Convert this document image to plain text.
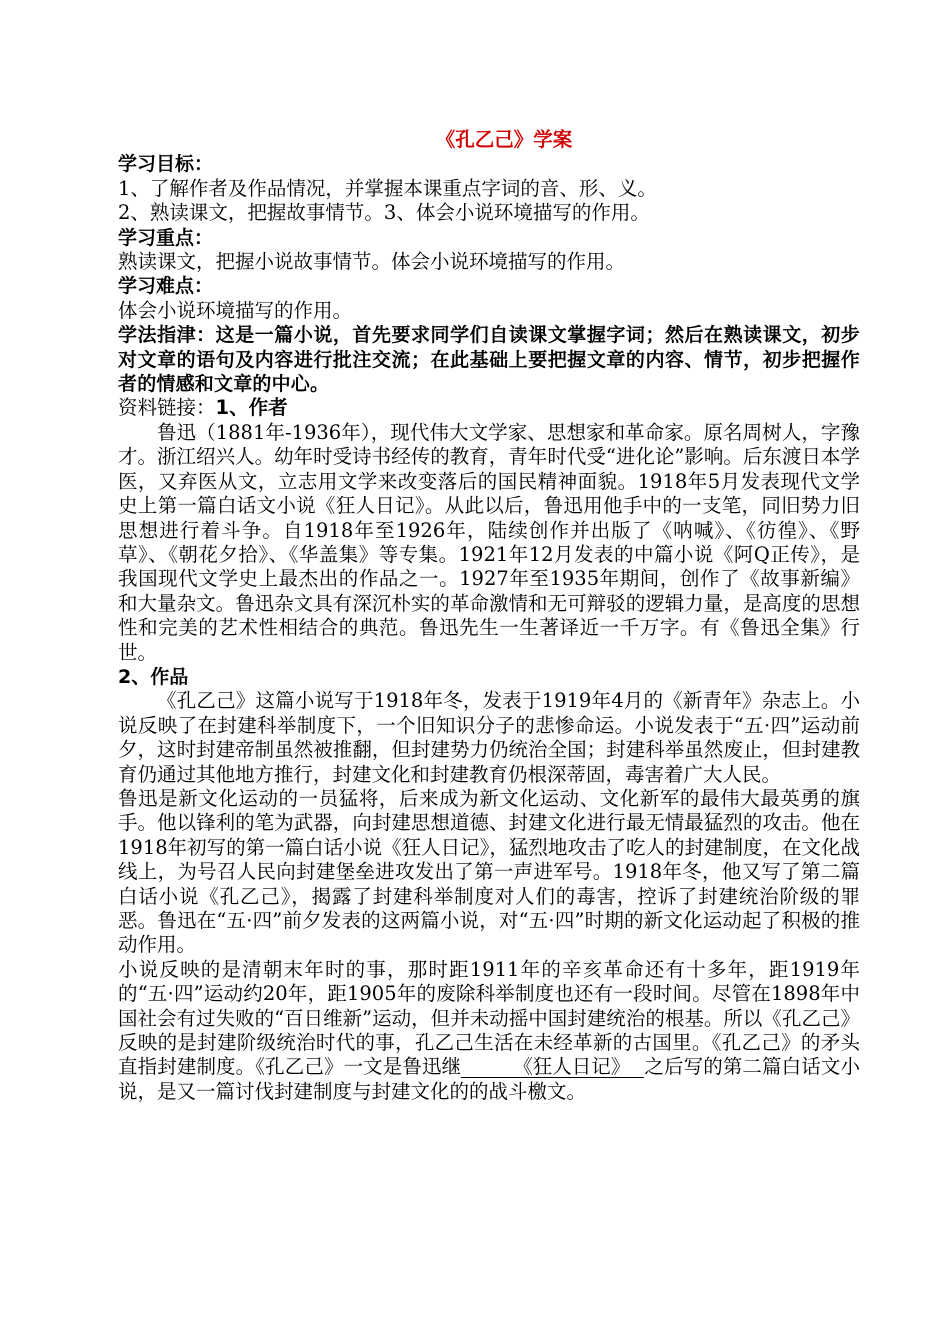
《孔乙己》学案

学习目标：

1、了解作者及作品情况，并掌握本课重点字词的音、形、义。

2、熟读课文，把握故事情节。3、体会小说环境描写的作用。

学习重点：

熟读课文，把握小说故事情节。体会小说环境描写的作用。

学习难点：

体会小说环境描写的作用。

学法指津：这是一篇小说，首先要求同学们自读课文掌握字词；然后在熟读课文，初步对文章的语句及内容进行批注交流；在此基础上要把握文章的内容、情节，初步把握作者的情感和文章的中心。

资料链接：1、作者

鲁迅（1881年-1936年），现代伟大文学家、思想家和革命家。原名周树人，字豫才。浙江绍兴人。幼年时受诗书经传的教育，青年时代受“进化论”影响。后东渡日本学医，又弃医从文，立志用文学来改变落后的国民精神面貌。1918年5月发表现代文学史上第一篇白话文小说《狂人日记》。从此以后，鲁迅用他手中的一支笔，同旧势力旧思想进行着斗争。自1918年至1926年，陆续创作并出版了《呐喊》、《彷徨》、《野草》、《朝花夕拾》、《华盖集》等专集。1921年12月发表的中篇小说《阿Q正传》，是我国现代文学史上最杰出的作品之一。1927年至1935年期间，创作了《故事新编》和大量杂文。鲁迅杂文具有深沉朴实的革命激情和无可辩驳的逻辑力量，是高度的思想性和完美的艺术性相结合的典范。鲁迅先生一生著译近一千万字。有《鲁迅全集》行世。

2、作品

《孔乙己》这篇小说写于1918年冬，发表于1919年4月的《新青年》杂志上。小说反映了在封建科举制度下，一个旧知识分子的悲惨命运。小说发表于“五·四”运动前夕，这时封建帝制虽然被推翻，但封建势力仍统治全国；封建科举虽然废止，但封建教育仍通过其他地方推行，封建文化和封建教育仍根深蒂固，毒害着广大人民。

鲁迅是新文化运动的一员猛将，后来成为新文化运动、文化新军的最伟大最英勇的旗手。他以锋利的笔为武器，向封建思想道德、封建文化进行最无情最猛烈的攻击。他在1918年初写的第一篇白话小说《狂人日记》，猛烈地攻击了吃人的封建制度，在文化战线上，为号召人民向封建堡垒进攻发出了第一声进军号。1918年冬，他又写了第二篇白话小说《孔乙己》，揭露了封建科举制度对人们的毒害，控诉了封建统治阶级的罪恶。鲁迅在“五·四”前夕发表的这两篇小说，对“五·四”时期的新文化运动起了积极的推动作用。

小说反映的是清朝末年时的事，那时距1911年的辛亥革命还有十多年，距1919年的“五·四”运动约20年，距1905年的废除科举制度也还有一段时间。尽管在1898年中国社会有过失败的“百日维新”运动，但并未动摇中国封建统治的根基。所以《孔乙己》反映的是封建阶级统治时代的事，孔乙己生活在未经革新的古国里。《孔乙己》的矛头直指封建制度。《孔乙己》一文是鲁迅继	《狂人日记》 之后写的第二篇白话文小说，是又一篇讨伐封建制度与封建文化的的战斗檄文。
